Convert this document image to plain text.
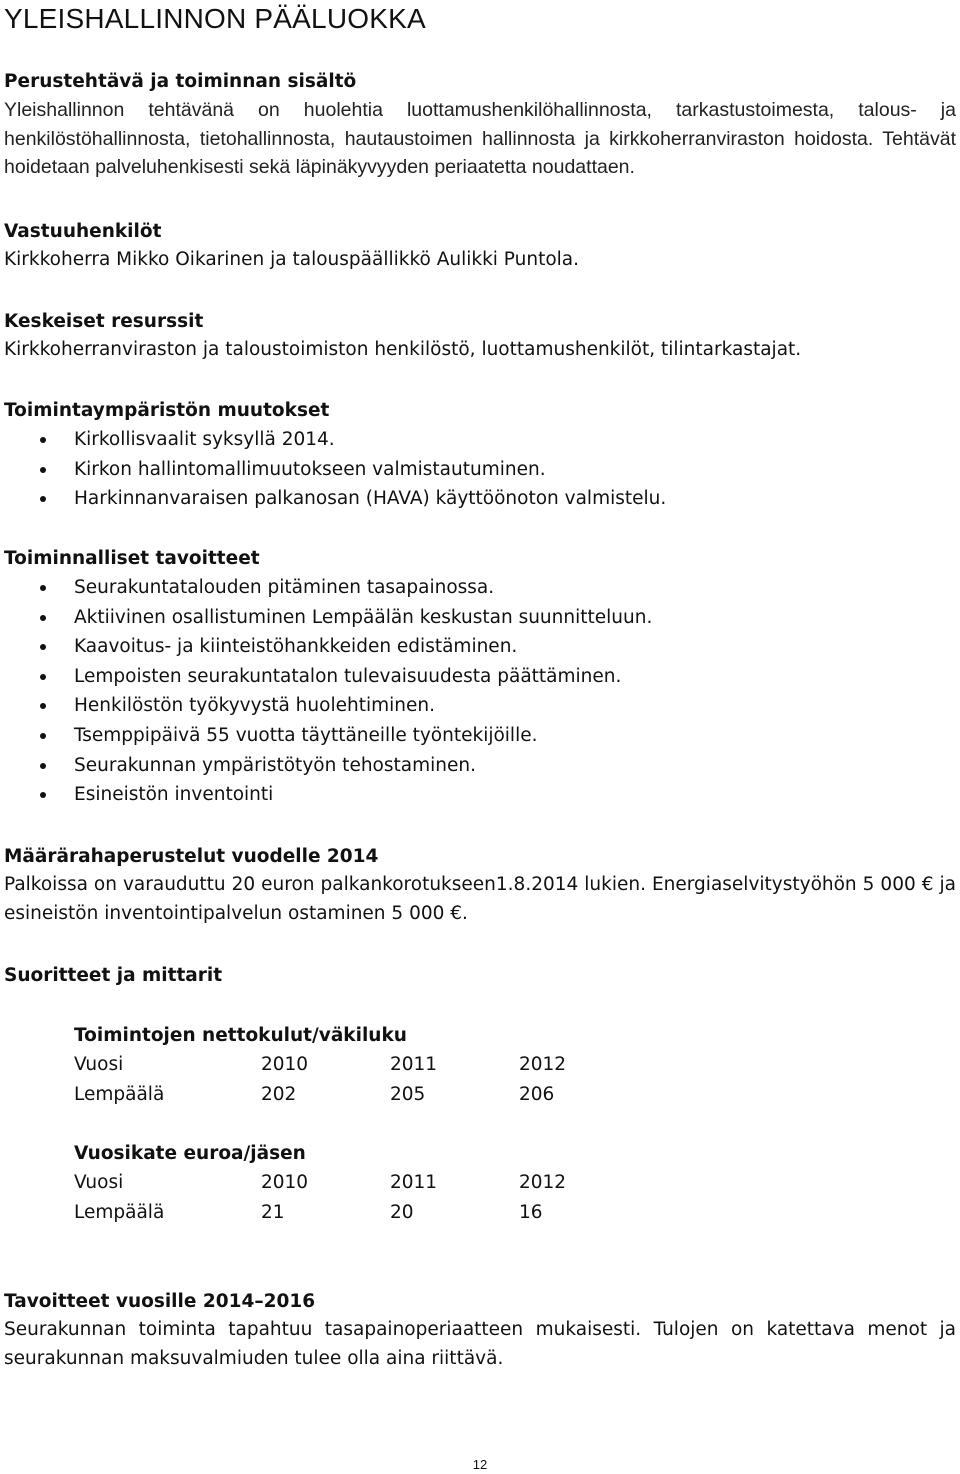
YLEISHALLINNON PÄÄLUOKKA
Perustehtävä ja toiminnan sisältö

Yleishallinnon tehtävänä on huolehtia luottamushenkilöhallinnosta, tarkastustoimesta, talous- ja henkilöstöhallinnosta, tietohallinnosta, hautaustoimen hallinnosta ja kirkkoherranviraston hoidosta. Tehtävät hoidetaan palveluhenkisesti sekä läpinäkyvyyden periaatetta noudattaen.

Vastuuhenkilöt

Kirkkoherra Mikko Oikarinen ja talouspäällikkö Aulikki Puntola.

Keskeiset resurssit

Kirkkoherranviraston ja taloustoimiston henkilöstö, luottamushenkilöt, tilintarkastajat.

Toimintaympäristön muutokset
Kirkollisvaalit syksyllä 2014.
Kirkon hallintomallimuutokseen valmistautuminen.
Harkinnanvaraisen palkanosan (HAVA) käyttöönoton valmistelu.
Toiminnalliset tavoitteet
Seurakuntatalouden pitäminen tasapainossa.
Aktiivinen osallistuminen Lempäälän keskustan suunnitteluun.
Kaavoitus- ja kiinteistöhankkeiden edistäminen.
Lempoisten seurakuntatalon tulevaisuudesta päättäminen.
Henkilöstön työkyvystä huolehtiminen.
Tsemppipäivä 55 vuotta täyttäneille työntekijöille.
Seurakunnan ympäristötyön tehostaminen.
Esineistön inventointi
Määrärahaperustelut vuodelle 2014

Palkoissa on varauduttu 20 euron palkankorotukseen1.8.2014 lukien. Energiaselvitystyöhön 5 000 € ja esineistön inventointipalvelun ostaminen 5 000 €.

Suoritteet ja mittarit
Toimintojen nettokulut/väkiluku
Vuosi	2010	2011	2012
Lempäälä	202	205	206
Vuosikate euroa/jäsen
Vuosi	2010	2011	2012
Lempäälä	21	20	16
Tavoitteet vuosille 2014–2016

Seurakunnan toiminta tapahtuu tasapainoperiaatteen mukaisesti. Tulojen on katettava menot ja seurakunnan maksuvalmiuden tulee olla aina riittävä.

12
